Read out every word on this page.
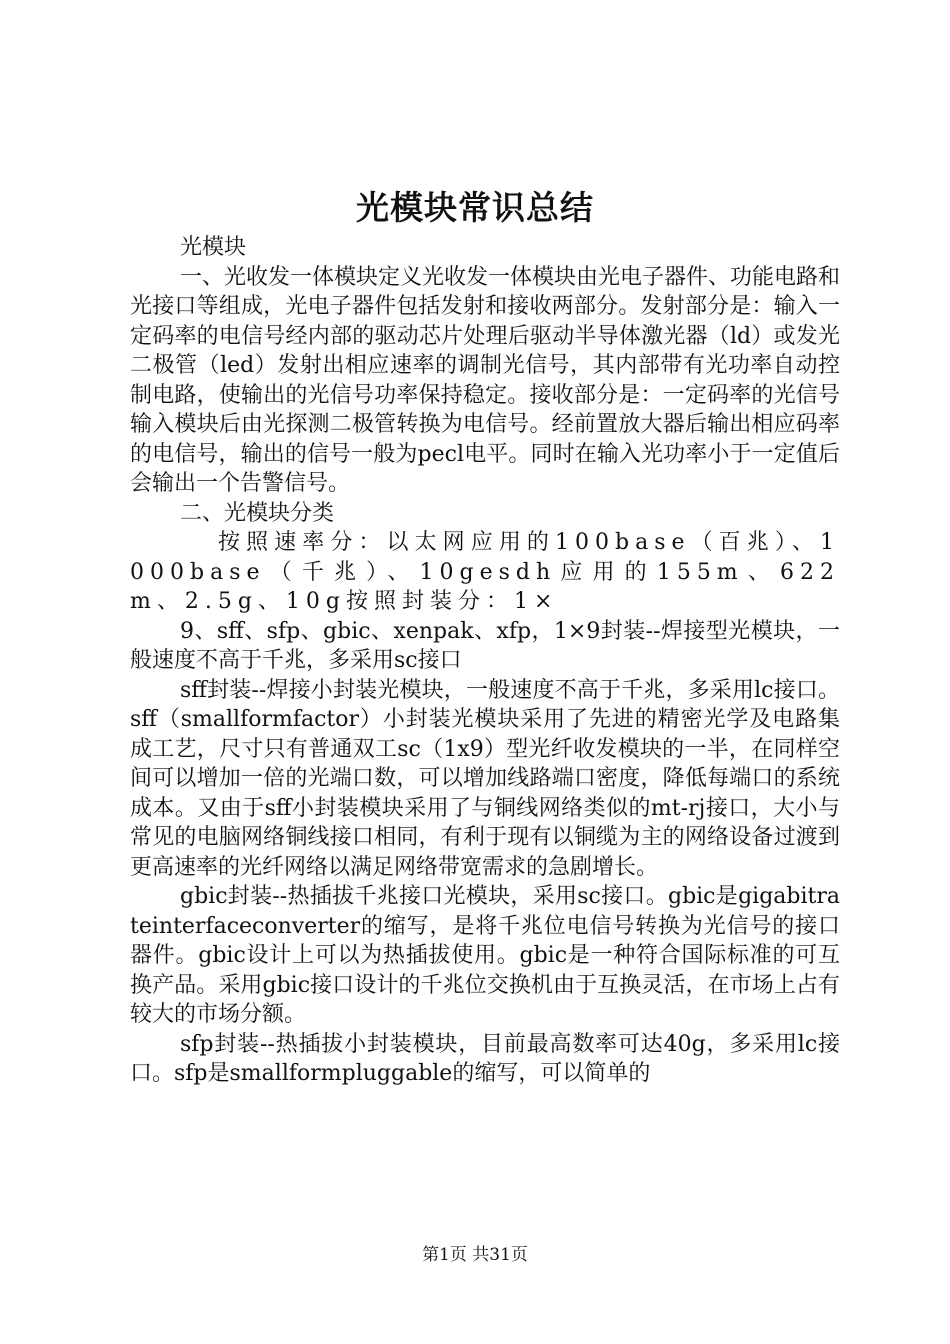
光模块常识总结

光模块

一、光收发一体模块定义光收发一体模块由光电子器件、功能电路和光接口等组成，光电子器件包括发射和接收两部分。发射部分是：输入一定码率的电信号经内部的驱动芯片处理后驱动半导体激光器（ld）或发光二极管（led）发射出相应速率的调制光信号，其内部带有光功率自动控制电路，使输出的光信号功率保持稳定。接收部分是：一定码率的光信号输入模块后由光探测二极管转换为电信号。经前置放大器后输出相应码率的电信号，输出的信号一般为pecl电平。同时在输入光功率小于一定值后会输出一个告警信号。

二、光模块分类

按照速率分：以太网应用的100base（百兆）、1000base（千兆）、10gesdh应用的155m、622m、2.5g、10g按照封装分：1×

9、sff、sfp、gbic、xenpak、xfp，1×9封装--焊接型光模块，一般速度不高于千兆，多采用sc接口

sff封装--焊接小封装光模块，一般速度不高于千兆，多采用lc接口。sff（smallformfactor）小封装光模块采用了先进的精密光学及电路集成工艺，尺寸只有普通双工sc（1x9）型光纤收发模块的一半，在同样空间可以增加一倍的光端口数，可以增加线路端口密度，降低每端口的系统成本。又由于sff小封装模块采用了与铜线网络类似的mt-rj接口，大小与常见的电脑网络铜线接口相同，有利于现有以铜缆为主的网络设备过渡到更高速率的光纤网络以满足网络带宽需求的急剧增长。

gbic封装--热插拔千兆接口光模块，采用sc接口。gbic是gigabitrateinterfaceconverter的缩写，是将千兆位电信号转换为光信号的接口器件。gbic设计上可以为热插拔使用。gbic是一种符合国际标准的可互换产品。采用gbic接口设计的千兆位交换机由于互换灵活，在市场上占有较大的市场分额。

sfp封装--热插拔小封装模块，目前最高数率可达40g，多采用lc接口。sfp是smallformpluggable的缩写，可以简单的

第1页 共31页
